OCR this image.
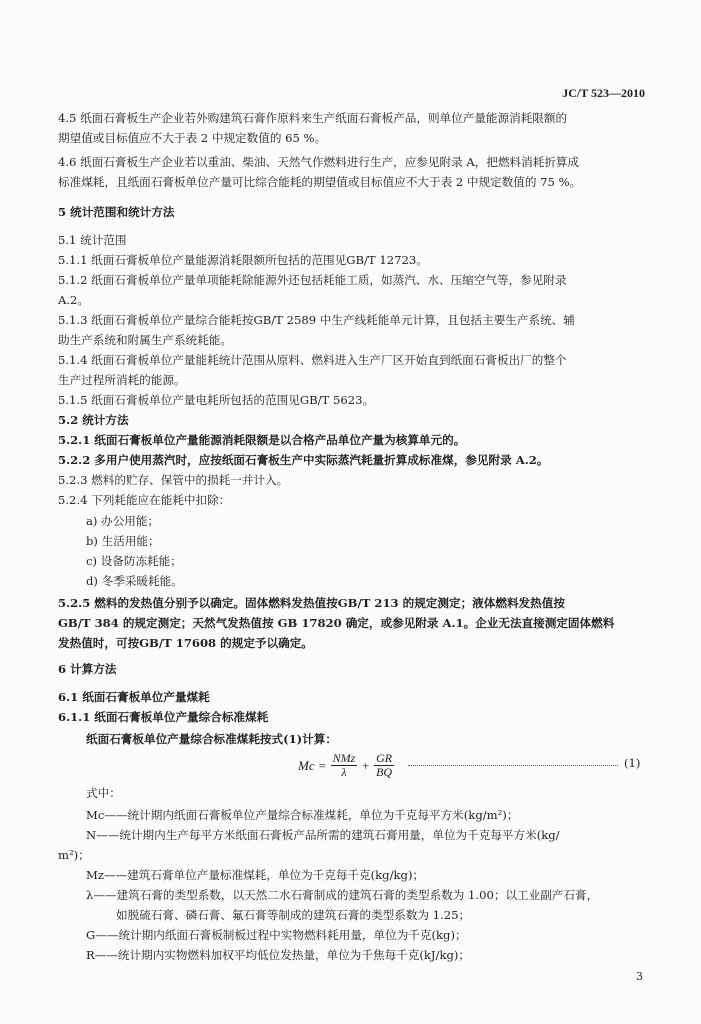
JC/T 523—2010
4.5 纸面石膏板生产企业若外购建筑石膏作原料来生产纸面石膏板产品，则单位产量能源消耗限额的
期望值或目标值应不大于表 2 中规定数值的 65 %。
4.6 纸面石膏板生产企业若以重油、柴油、天然气作燃料进行生产，应参见附录 A，把燃料消耗折算成
标准煤耗，且纸面石膏板单位产量可比综合能耗的期望值或目标值应不大于表 2 中规定数值的 75 %。
5 统计范围和统计方法
5.1 统计范围
5.1.1 纸面石膏板单位产量能源消耗限额所包括的范围见GB/T 12723。
5.1.2 纸面石膏板单位产量单项能耗除能源外还包括耗能工质，如蒸汽、水、压缩空气等，参见附录
A.2。
5.1.3 纸面石膏板单位产量综合能耗按GB/T 2589 中生产线耗能单元计算，且包括主要生产系统、辅
助生产系统和附属生产系统耗能。
5.1.4 纸面石膏板单位产量能耗统计范围从原料、燃料进入生产厂区开始直到纸面石膏板出厂的整个
生产过程所消耗的能源。
5.1.5 纸面石膏板单位产量电耗所包括的范围见GB/T 5623。
5.2 统计方法
5.2.1 纸面石膏板单位产量能源消耗限额是以合格产品单位产量为核算单元的。
5.2.2 多用户使用蒸汽时，应按纸面石膏板生产中实际蒸汽耗量折算成标准煤，参见附录 A.2。
5.2.3 燃料的贮存、保管中的损耗一并计入。
5.2.4 下列耗能应在能耗中扣除：
a) 办公用能；
b) 生活用能；
c) 设备防冻耗能；
d) 冬季采暖耗能。
5.2.5 燃料的发热值分别予以确定。固体燃料发热值按GB/T 213 的规定测定；液体燃料发热值按
GB/T 384 的规定测定；天然气发热值按 GB 17820 确定，或参见附录 A.1。企业无法直接测定固体燃料
发热值时，可按GB/T 17608 的规定予以确定。
6 计算方法
6.1 纸面石膏板单位产量煤耗
6.1.1 纸面石膏板单位产量综合标准煤耗
纸面石膏板单位产量综合标准煤耗按式(1)计算：
$Mc = \frac{\text{NMz}}{\lambda} + \frac{GR}{BQ}$	(1)
式中：
Mc——统计期内纸面石膏板单位产量综合标准煤耗，单位为千克每平方米(kg/m²)；
N——统计期内生产每平方米纸面石膏板产品所需的建筑石膏用量，单位为千克每平方米(kg/
m²)；
Mz——建筑石膏单位产量标准煤耗，单位为千克每千克(kg/kg)；
λ——建筑石膏的类型系数，以天然二水石膏制成的建筑石膏的类型系数为 1.00；以工业副产石膏，
如脱硫石膏、磷石膏、氟石膏等制成的建筑石膏的类型系数为 1.25；
G——统计期内纸面石膏板制板过程中实物燃料耗用量，单位为千克(kg)；
R——统计期内实物燃料加权平均低位发热量，单位为千焦每千克(kJ/kg)；
3
